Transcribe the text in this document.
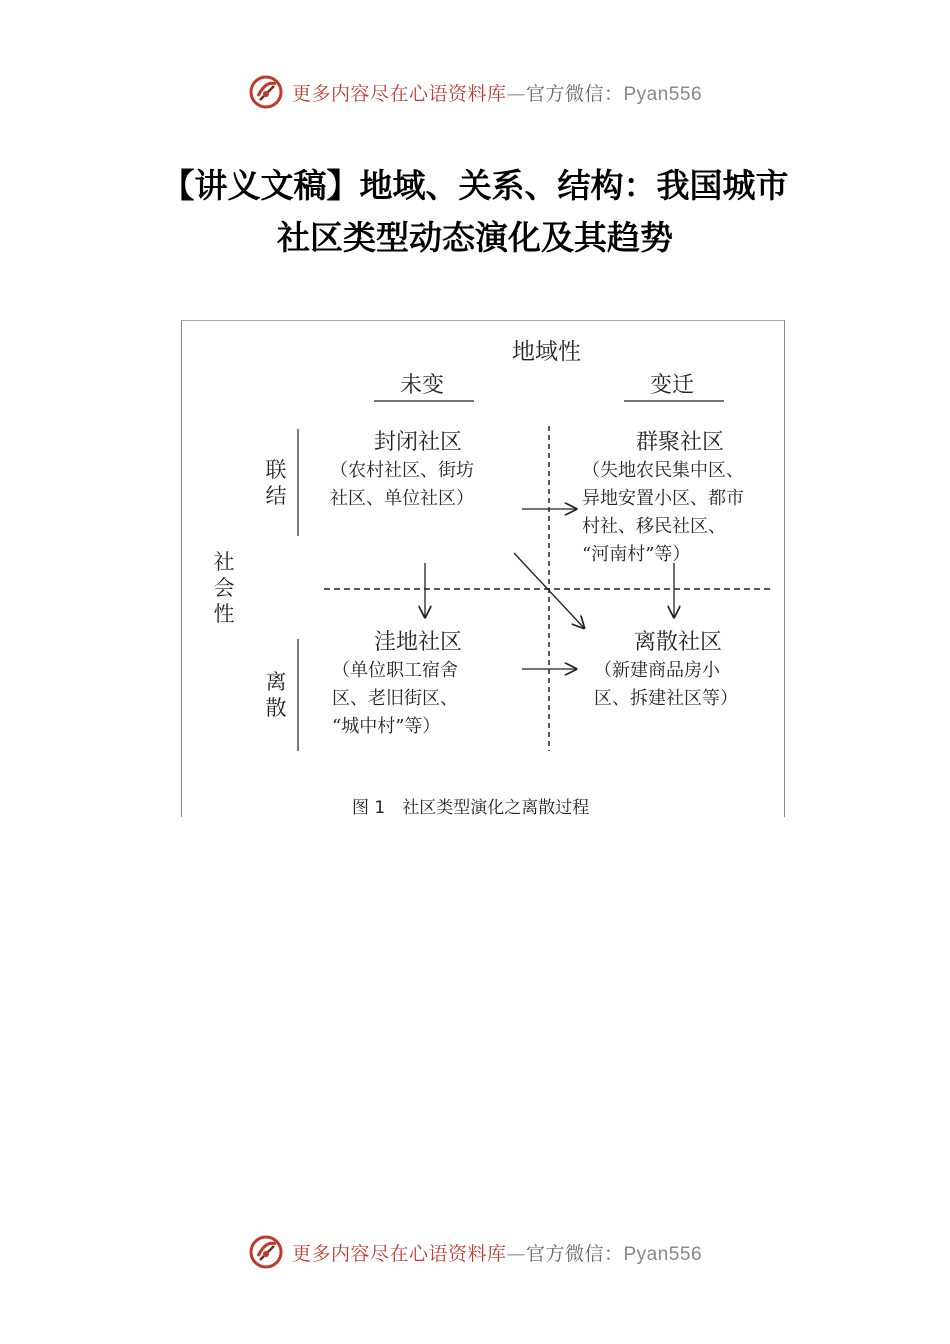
更多内容尽在心语资料库—官方微信：Pyan556
【讲义文稿】地域、关系、结构：我国城市
社区类型动态演化及其趋势
地域性
未变	变迁
社会性
联结
离散
封闭社区
（农村社区、街坊
社区、单位社区）
群聚社区
（失地农民集中区、
异地安置小区、都市
村社、移民社区、
“河南村”等）
洼地社区
（单位职工宿舍
区、老旧街区、
“城中村”等）
离散社区
（新建商品房小
区、拆建社区等）
图 1　社区类型演化之离散过程
更多内容尽在心语资料库—官方微信：Pyan556
